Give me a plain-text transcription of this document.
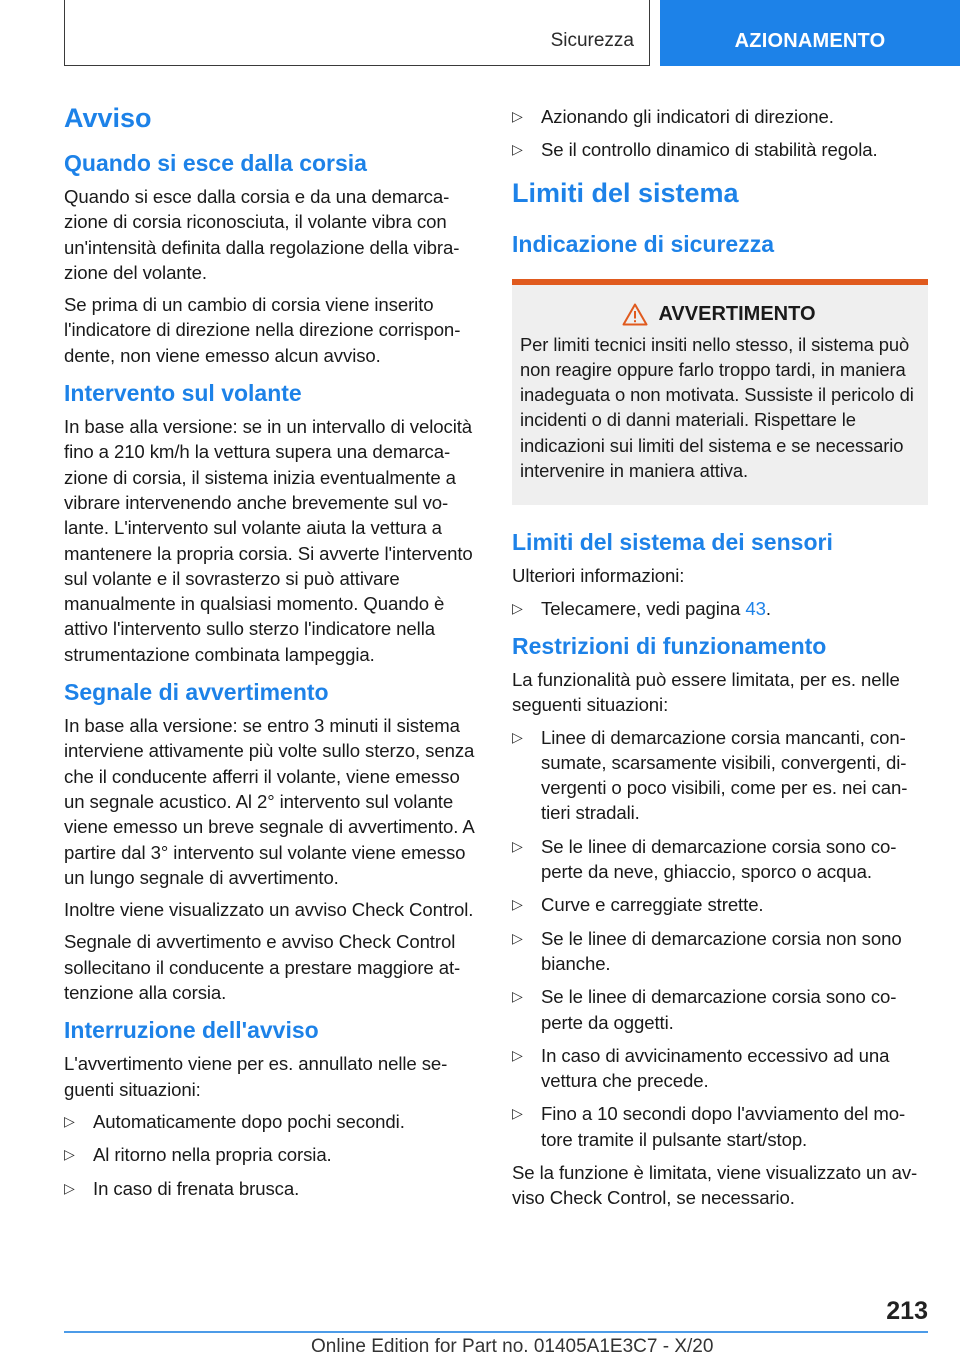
Sicurezza	AZIONAMENTO
Avviso
Quando si esce dalla corsia

Quando si esce dalla corsia e da una demarcazione di corsia riconosciuta, il volante vibra con un'intensità definita dalla regolazione della vibrazione del volante.

Se prima di un cambio di corsia viene inserito l'indicatore di direzione nella direzione corrispondente, non viene emesso alcun avviso.

Intervento sul volante

In base alla versione: se in un intervallo di velocità fino a 210 km/h la vettura supera una demarcazione di corsia, il sistema inizia eventualmente a vibrare intervenendo anche brevemente sul volante. L'intervento sul volante aiuta la vettura a mantenere la propria corsia. Si avverte l'intervento sul volante e il sovrasterzo si può attivare manualmente in qualsiasi momento. Quando è attivo l'intervento sullo sterzo l'indicatore nella strumentazione combinata lampeggia.

Segnale di avvertimento

In base alla versione: se entro 3 minuti il sistema interviene attivamente più volte sullo sterzo, senza che il conducente afferri il volante, viene emesso un segnale acustico. Al 2° intervento sul volante viene emesso un breve segnale di avvertimento. A partire dal 3° intervento sul volante viene emesso un lungo segnale di avvertimento.

Inoltre viene visualizzato un avviso Check Control.

Segnale di avvertimento e avviso Check Control sollecitano il conducente a prestare maggiore attenzione alla corsia.

Interruzione dell'avviso

L'avvertimento viene per es. annullato nelle seguenti situazioni:

▷ Automaticamente dopo pochi secondi.
▷ Al ritorno nella propria corsia.
▷ In caso di frenata brusca.
▷ Azionando gli indicatori di direzione.
▷ Se il controllo dinamico di stabilità regola.
Limiti del sistema
Indicazione di sicurezza
AVVERTIMENTO

Per limiti tecnici insiti nello stesso, il sistema può non reagire oppure farlo troppo tardi, in maniera inadeguata o non motivata. Sussiste il pericolo di incidenti o di danni materiali. Rispettare le indicazioni sui limiti del sistema e se necessario intervenire in maniera attiva.

Limiti del sistema dei sensori

Ulteriori informazioni:

▷ Telecamere, vedi pagina 43.
Restrizioni di funzionamento

La funzionalità può essere limitata, per es. nelle seguenti situazioni:

▷ Linee di demarcazione corsia mancanti, consumate, scarsamente visibili, convergenti, divergenti o poco visibili, come per es. nei cantieri stradali.
▷ Se le linee di demarcazione corsia sono coperte da neve, ghiaccio, sporco o acqua.
▷ Curve e carreggiate strette.
▷ Se le linee di demarcazione corsia non sono bianche.
▷ Se le linee di demarcazione corsia sono coperte da oggetti.
▷ In caso di avvicinamento eccessivo ad una vettura che precede.
▷ Fino a 10 secondi dopo l'avviamento del motore tramite il pulsante start/stop.

Se la funzione è limitata, viene visualizzato un avviso Check Control, se necessario.

213
Online Edition for Part no. 01405A1E3C7 - X/20
